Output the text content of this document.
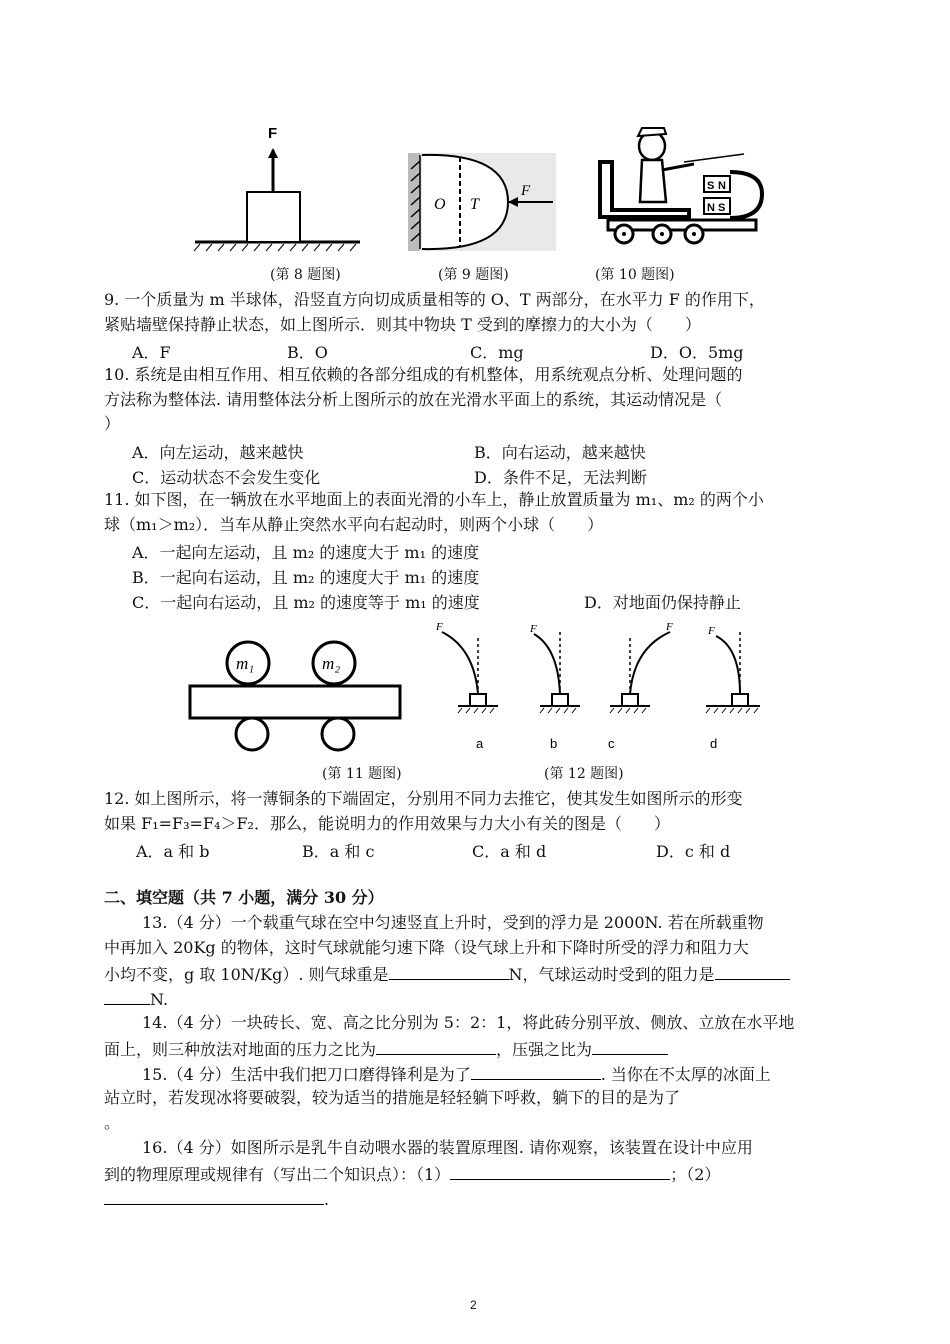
F
O T
F	S N
N S
(第 8 题图)	(第 9 题图)	(第 10 题图)
9. 一个质量为 m 半球体，沿竖直方向切成质量相等的 O、T 两部分，在水平力 F 的作用下，
紧贴墙壁保持静止状态，如上图所示．则其中物块 T 受到的摩擦力的大小为（　　）
A．F	B．O	C．mg	D．O．5mg
10. 系统是由相互作用、相互依赖的各部分组成的有机整体，用系统观点分析、处理问题的
方法称为整体法. 请用整体法分析上图所示的放在光滑水平面上的系统，其运动情况是（
）
A．向左运动，越来越快	B．向右运动，越来越快
C．运动状态不会发生变化	D．条件不足，无法判断
11. 如下图，在一辆放在水平地面上的表面光滑的小车上，静止放置质量为 m₁、m₂ 的两个小
球（m₁＞m₂）．当车从静止突然水平向右起动时，则两个小球（　　）
A．一起向左运动，且 m₂ 的速度大于 m₁ 的速度
B．一起向右运动，且 m₂ 的速度大于 m₁ 的速度
C．一起向右运动，且 m₂ 的速度等于 m₁ 的速度	D．对地面仍保持静止
m₁	m₂
F	F	F	F
a	b	c	d
(第 11 题图)	(第 12 题图)
12. 如上图所示，将一薄铜条的下端固定，分别用不同力去推它，使其发生如图所示的形变
如果 F₁=F₃=F₄＞F₂．那么，能说明力的作用效果与力大小有关的图是（　　）
A．a 和 b	B．a 和 c	C．a 和 d	D．c 和 d
二、填空题（共 7 小题，满分 30 分）
13.（4 分）一个载重气球在空中匀速竖直上升时，受到的浮力是 2000N. 若在所载重物
中再加入 20Kg 的物体，这时气球就能匀速下降（设气球上升和下降时所受的浮力和阻力大
小均不变，g 取 10N/Kg）. 则气球重是	N，气球运动时受到的阻力是
N.
14.（4 分）一块砖长、宽、高之比分别为 5：2：1，将此砖分别平放、侧放、立放在水平地
面上，则三种放法对地面的压力之比为	，压强之比为
15.（4 分）生活中我们把刀口磨得锋利是为了	. 当你在不太厚的冰面上
站立时，若发现冰将要破裂，较为适当的措施是轻轻躺下呼救，躺下的目的是为了
。
16.（4 分）如图所示是乳牛自动喂水器的装置原理图. 请你观察，该装置在设计中应用
到的物理原理或规律有（写出二个知识点）：（1）	；（2）
.
2
